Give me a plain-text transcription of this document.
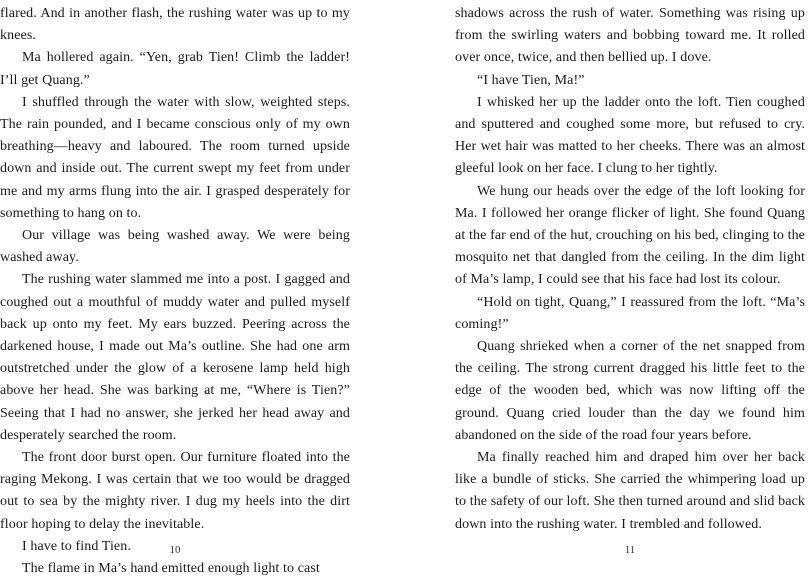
flared. And in another flash, the rushing water was up to my knees.

Ma hollered again. “Yen, grab Tien! Climb the ladder! I’ll get Quang.”

I shuffled through the water with slow, weighted steps. The rain pounded, and I became conscious only of my own breathing—heavy and laboured. The room turned upside down and inside out. The current swept my feet from under me and my arms flung into the air. I grasped desperately for something to hang on to.

Our village was being washed away. We were being washed away.

The rushing water slammed me into a post. I gagged and coughed out a mouthful of muddy water and pulled myself back up onto my feet. My ears buzzed. Peering across the darkened house, I made out Ma’s outline. She had one arm outstretched under the glow of a kerosene lamp held high above her head. She was barking at me, “Where is Tien?” Seeing that I had no answer, she jerked her head away and desperately searched the room.

The front door burst open. Our furniture floated into the raging Mekong. I was certain that we too would be dragged out to sea by the mighty river. I dug my heels into the dirt floor hoping to delay the inevitable.

I have to find Tien.

The flame in Ma’s hand emitted enough light to cast

10

shadows across the rush of water. Something was rising up from the swirling waters and bobbing toward me. It rolled over once, twice, and then bellied up. I dove.

“I have Tien, Ma!”

I whisked her up the ladder onto the loft. Tien coughed and sputtered and coughed some more, but refused to cry. Her wet hair was matted to her cheeks. There was an almost gleeful look on her face. I clung to her tightly.

We hung our heads over the edge of the loft looking for Ma. I followed her orange flicker of light. She found Quang at the far end of the hut, crouching on his bed, clinging to the mosquito net that dangled from the ceiling. In the dim light of Ma’s lamp, I could see that his face had lost its colour.

“Hold on tight, Quang,” I reassured from the loft. “Ma’s coming!”

Quang shrieked when a corner of the net snapped from the ceiling. The strong current dragged his little feet to the edge of the wooden bed, which was now lifting off the ground. Quang cried louder than the day we found him abandoned on the side of the road four years before.

Ma finally reached him and draped him over her back like a bundle of sticks. She carried the whimpering load up to the safety of our loft. She then turned around and slid back down into the rushing water. I trembled and followed.

11
